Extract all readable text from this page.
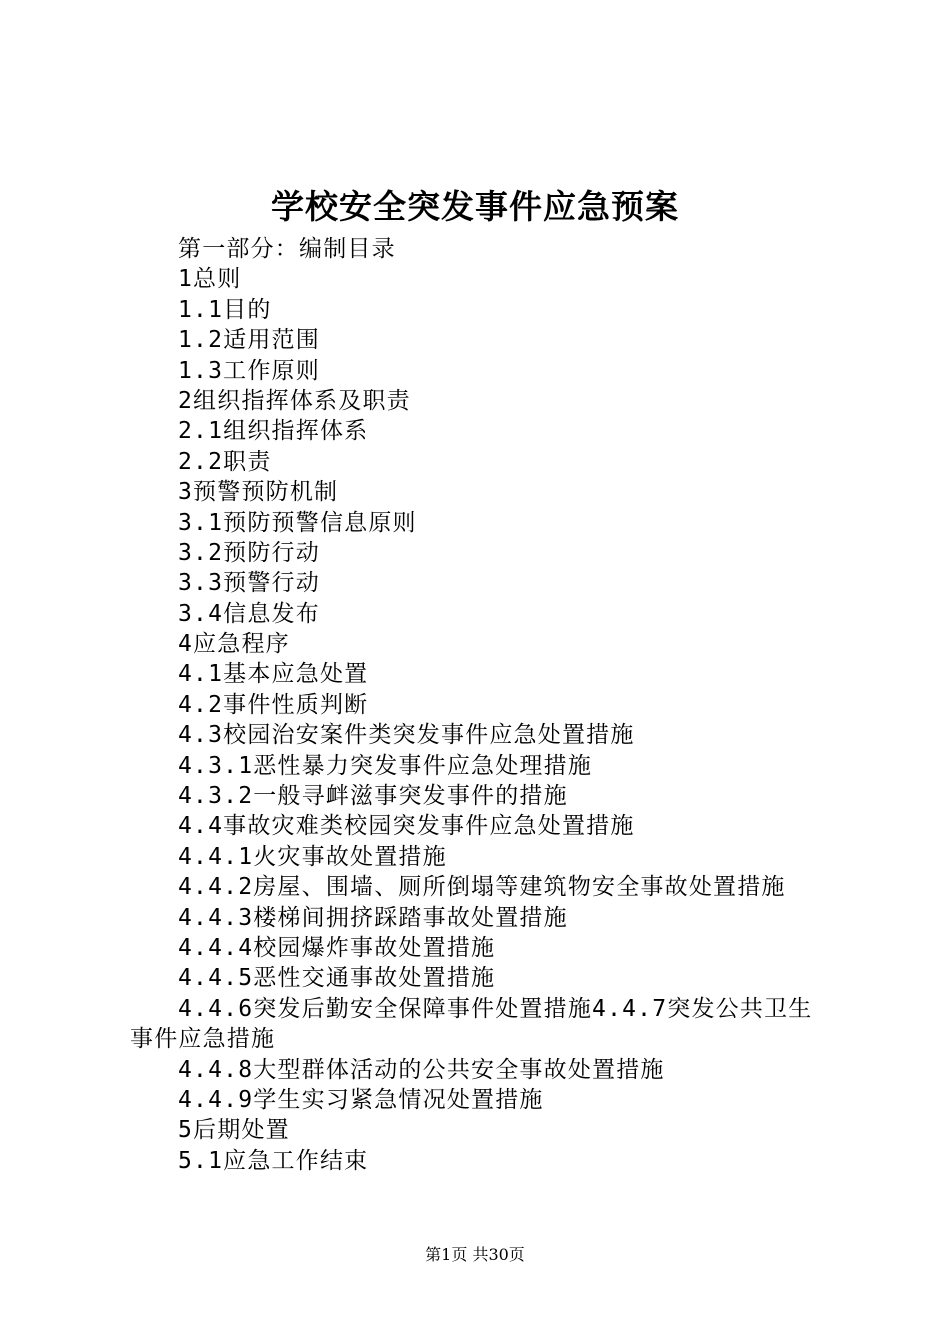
学校安全突发事件应急预案
第一部分：编制目录
1总则
1.1目的
1.2适用范围
1.3工作原则
2组织指挥体系及职责
2.1组织指挥体系
2.2职责
3预警预防机制
3.1预防预警信息原则
3.2预防行动
3.3预警行动
3.4信息发布
4应急程序
4.1基本应急处置
4.2事件性质判断
4.3校园治安案件类突发事件应急处置措施
4.3.1恶性暴力突发事件应急处理措施
4.3.2一般寻衅滋事突发事件的措施
4.4事故灾难类校园突发事件应急处置措施
4.4.1火灾事故处置措施
4.4.2房屋、围墙、厕所倒塌等建筑物安全事故处置措施
4.4.3楼梯间拥挤踩踏事故处置措施
4.4.4校园爆炸事故处置措施
4.4.5恶性交通事故处置措施
4.4.6突发后勤安全保障事件处置措施4.4.7突发公共卫生事件应急措施
4.4.8大型群体活动的公共安全事故处置措施
4.4.9学生实习紧急情况处置措施
5后期处置
5.1应急工作结束
第1页 共30页
